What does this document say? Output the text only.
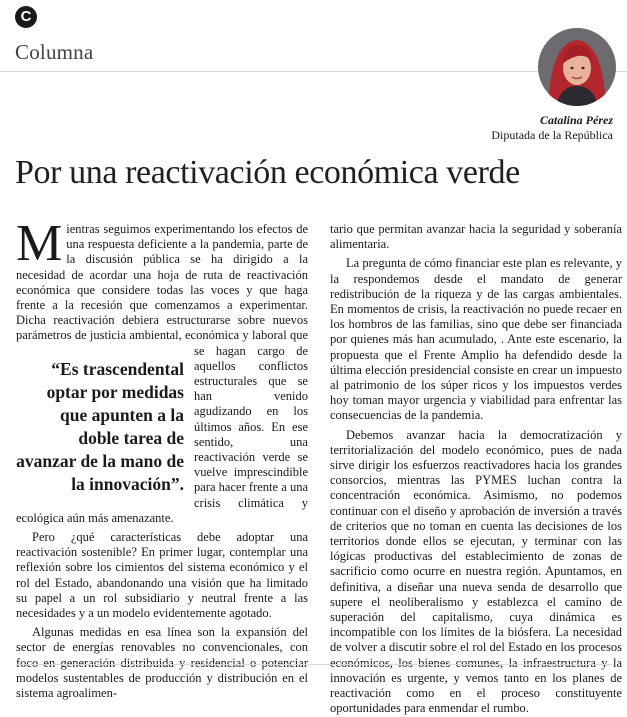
C
Columna
Catalina Pérez
Diputada de la República
Por una reactivación económica verde

M
“Es trascendental optar por medidas que apunten a la doble tarea de avanzar de la mano de la innovación”.
ientras seguimos experimentando los efectos de una respuesta deficiente a la pandemia, parte de la discusión pública se ha dirigido a la necesidad de acordar una hoja de ruta de reactivación económica que considere todas las voces y que haga frente a la recesión que comenzamos a experimentar. Dicha reactivación debiera estructurarse sobre nuevos parámetros de justicia ambiental, económica y laboral que se hagan cargo de aquellos conflictos estructurales que se han venido agudizando en los últimos años. En ese sentido, una reactivación verde se vuelve imprescindible para hacer frente a una crisis climática y ecológica aún más amenazante.

Pero ¿qué características debe adoptar una reactivación sostenible? En primer lugar, contemplar una reflexión sobre los cimientos del sistema económico y el rol del Estado, abandonando una visión que ha limitado su papel a un rol subsidiario y neutral frente a las necesidades y a un modelo evidentemente agotado.

Algunas medidas en esa línea son la expansión del sector de energías renovables no convencionales, con foco en generación distribuida y residencial o potenciar modelos sustentables de producción y distribución en el sistema agroalimen-

tario que permitan avanzar hacia la seguridad y soberanía alimentaria.

La pregunta de cómo financiar este plan es relevante, y la respondemos desde el mandato de generar redistribución de la riqueza y de las cargas ambientales. En momentos de crisis, la reactivación no puede recaer en los hombros de las familias, sino que debe ser financiada por quienes más han acumulado, . Ante este escenario, la propuesta que el Frente Amplio ha defendido desde la última elección presidencial consiste en crear un impuesto al patrimonio de los súper ricos y los impuestos verdes hoy toman mayor urgencia y viabilidad para enfrentar las consecuencias de la pandemia.

Debemos avanzar hacia la democratización y territorialización del modelo económico, pues de nada sirve dirigir los esfuerzos reactivadores hacia los grandes consorcios, mientras las PYMES luchan contra la concentración económica. Asimismo, no podemos continuar con el diseño y aprobación de inversión a través de criterios que no toman en cuenta las decisiones de los territorios donde ellos se ejecutan, y terminar con las lógicas productivas del establecimiento de zonas de sacrificio como ocurre en nuestra región. Apuntamos, en definitiva, a diseñar una nueva senda de desarrollo que supere el neoliberalismo y establezca el camino de superación del capitalismo, cuya dinámica es incompatible con los límites de la biósfera. La necesidad de volver a discutir sobre el rol del Estado en los procesos económicos, los bienes comunes, la infraestructura y la innovación es urgente, y vemos tanto en los planes de reactivación como en el proceso constituyente oportunidades para enmendar el rumbo.
